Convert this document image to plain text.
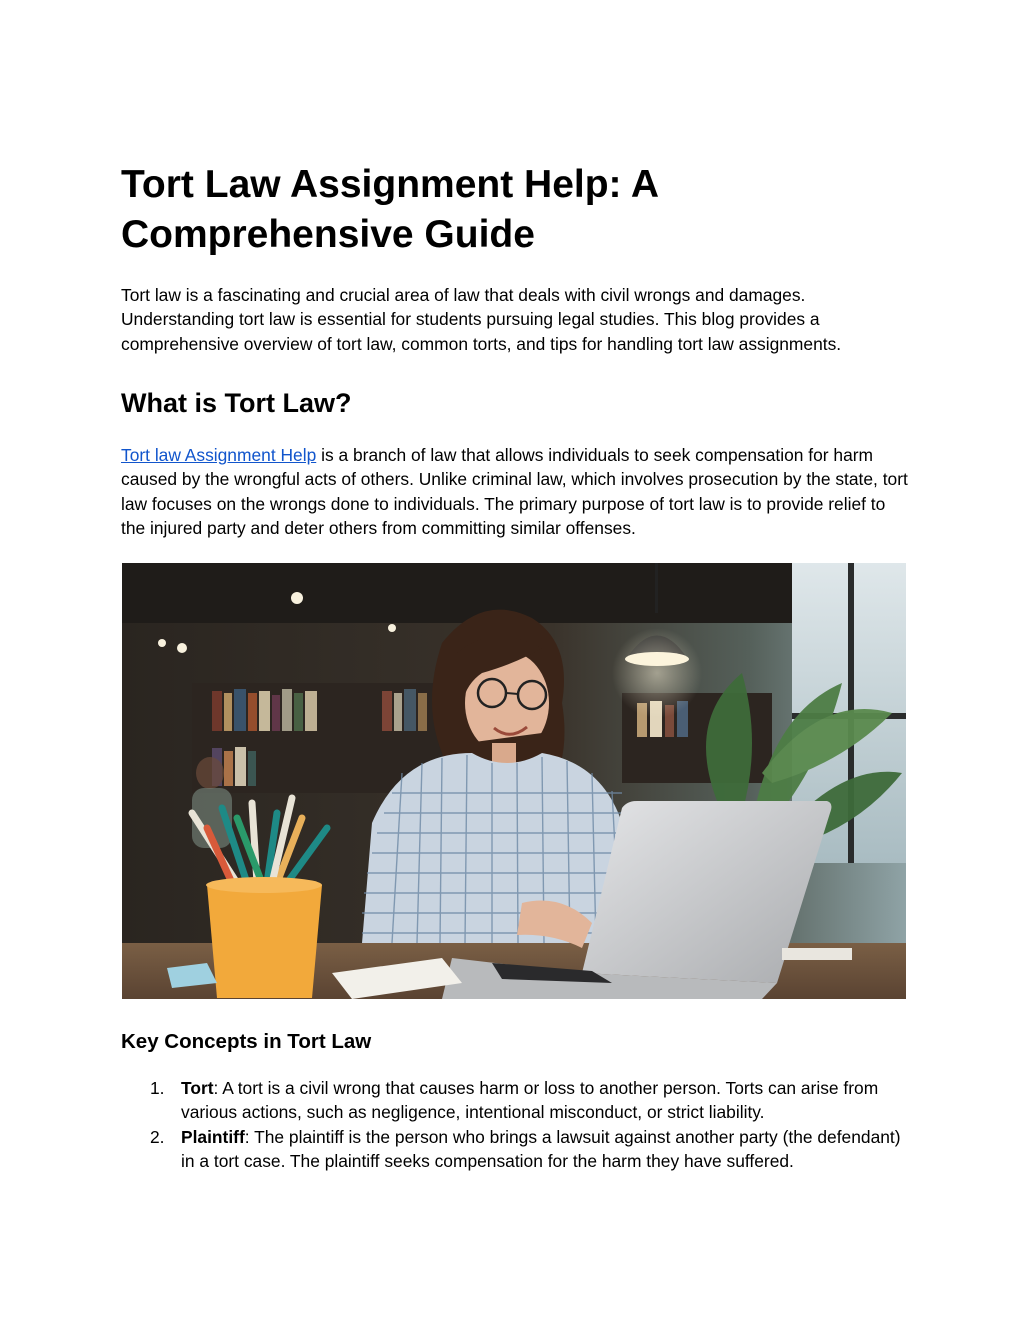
Tort Law Assignment Help: A Comprehensive Guide

Tort law is a fascinating and crucial area of law that deals with civil wrongs and damages. Understanding tort law is essential for students pursuing legal studies. This blog provides a comprehensive overview of tort law, common torts, and tips for handling tort law assignments.

What is Tort Law?

Tort law Assignment Help is a branch of law that allows individuals to seek compensation for harm caused by the wrongful acts of others. Unlike criminal law, which involves prosecution by the state, tort law focuses on the wrongs done to individuals. The primary purpose of tort law is to provide relief to the injured party and deter others from committing similar offenses.

Key Concepts in Tort Law
1. Tort: A tort is a civil wrong that causes harm or loss to another person. Torts can arise from various actions, such as negligence, intentional misconduct, or strict liability.
2. Plaintiff: The plaintiff is the person who brings a lawsuit against another party (the defendant) in a tort case. The plaintiff seeks compensation for the harm they have suffered.
